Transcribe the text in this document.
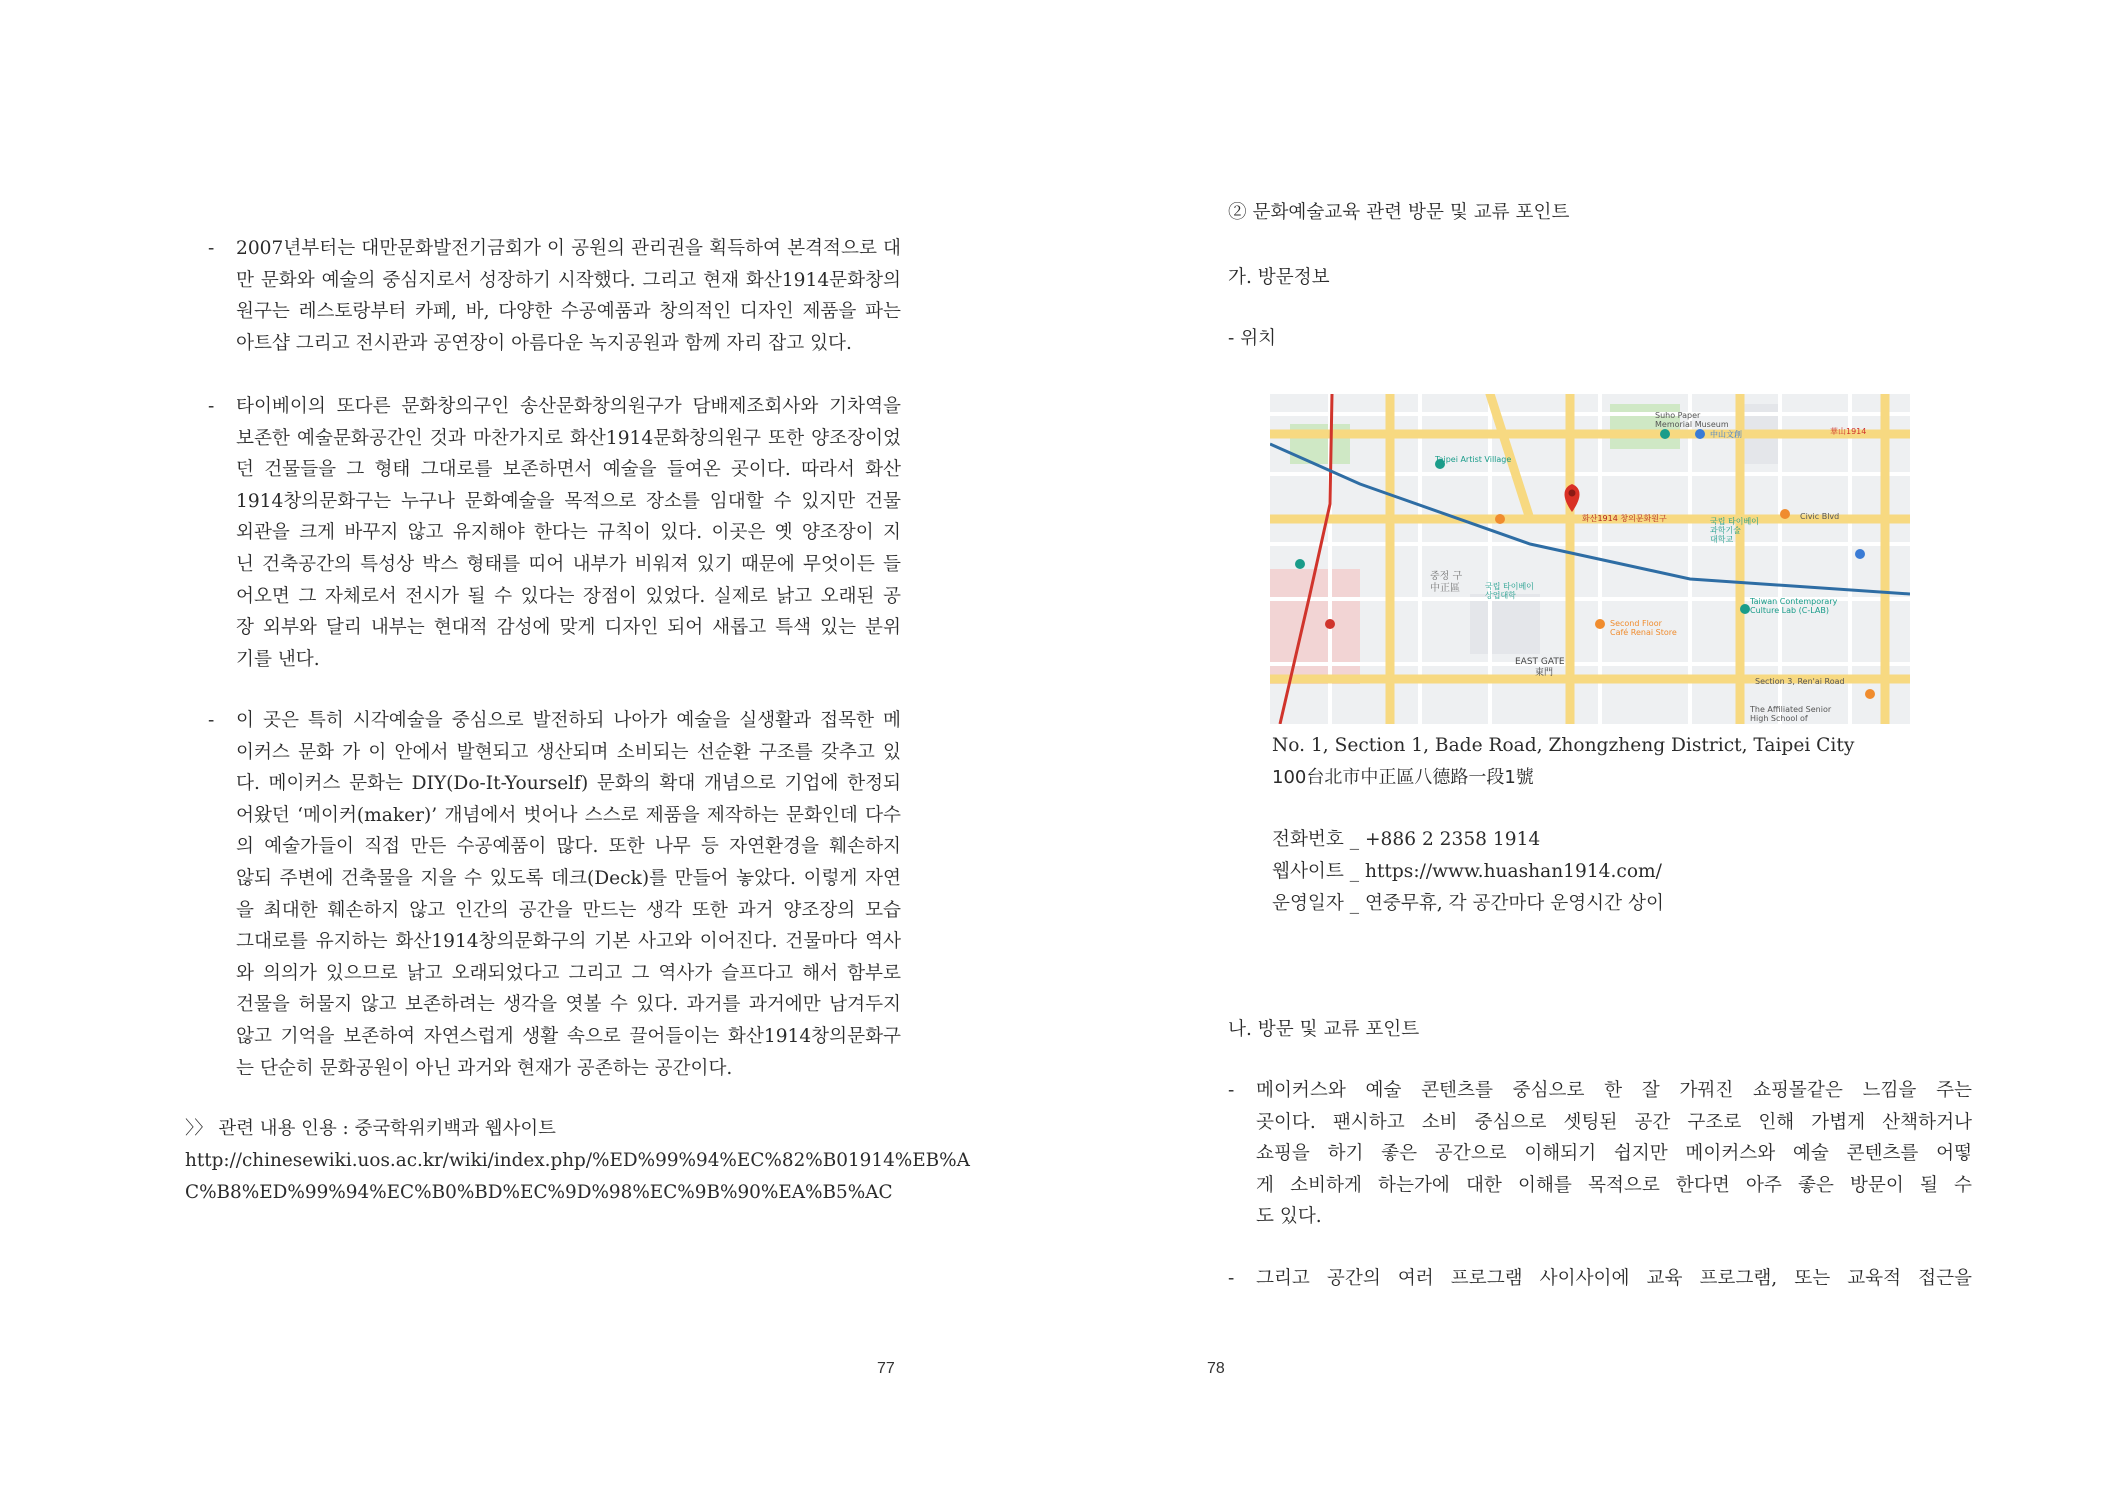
- 2007년부터는 대만문화발전기금회가 이 공원의 관리권을 획득하여 본격적으로 대
만 문화와 예술의 중심지로서 성장하기 시작했다. 그리고 현재 화산1914문화창의
원구는 레스토랑부터 카페, 바, 다양한 수공예품과 창의적인 디자인 제품을 파는
아트샵 그리고 전시관과 공연장이 아름다운 녹지공원과 함께 자리 잡고 있다.
- 타이베이의 또다른 문화창의구인 송산문화창의원구가 담배제조회사와 기차역을
보존한 예술문화공간인 것과 마찬가지로 화산1914문화창의원구 또한 양조장이었
던 건물들을 그 형태 그대로를 보존하면서 예술을 들여온 곳이다. 따라서 화산
1914창의문화구는 누구나 문화예술을 목적으로 장소를 임대할 수 있지만 건물
외관을 크게 바꾸지 않고 유지해야 한다는 규칙이 있다. 이곳은 옛 양조장이 지
닌 건축공간의 특성상 박스 형태를 띠어 내부가 비워져 있기 때문에 무엇이든 들
어오면 그 자체로서 전시가 될 수 있다는 장점이 있었다. 실제로 낡고 오래된 공
장 외부와 달리 내부는 현대적 감성에 맞게 디자인 되어 새롭고 특색 있는 분위
기를 낸다.
- 이 곳은 특히 시각예술을 중심으로 발전하되 나아가 예술을 실생활과 접목한 메
이커스 문화 가 이 안에서 발현되고 생산되며 소비되는 선순환 구조를 갖추고 있
다. 메이커스 문화는 DIY(Do-It-Yourself) 문화의 확대 개념으로 기업에 한정되
어왔던 ‘메이커(maker)’ 개념에서 벗어나 스스로 제품을 제작하는 문화인데 다수
의 예술가들이 직접 만든 수공예품이 많다. 또한 나무 등 자연환경을 훼손하지
않되 주변에 건축물을 지을 수 있도록 데크(Deck)를 만들어 놓았다. 이렇게 자연
을 최대한 훼손하지 않고 인간의 공간을 만드는 생각 또한 과거 양조장의 모습
그대로를 유지하는 화산1914창의문화구의 기본 사고와 이어진다. 건물마다 역사
와 의의가 있으므로 낡고 오래되었다고 그리고 그 역사가 슬프다고 해서 함부로
건물을 허물지 않고 보존하려는 생각을 엿볼 수 있다. 과거를 과거에만 남겨두지
않고 기억을 보존하여 자연스럽게 생활 속으로 끌어들이는 화산1914창의문화구
는 단순히 문화공원이 아닌 과거와 현재가 공존하는 공간이다.
〉〉 관련 내용 인용 : 중국학위키백과 웹사이트
http://chinesewiki.uos.ac.kr/wiki/index.php/%ED%99%94%EC%82%B01914%EB%A
C%B8%ED%99%94%EC%B0%BD%EC%9D%98%EC%9B%90%EA%B5%AC
77
② 문화예술교육 관련 방문 및 교류 포인트
가. 방문정보
- 위치
화산1914 창의문화원구
Taipei Artist Village
Suho Paper
Memorial Museum
Civic Blvd
EAST GATE
東門
Taiwan Contemporary
Culture Lab (C-LAB)
Second Floor
Café Renai Store
Section 3, Ren'ai Road
The Affiliated Senior
High School of
중정 구
中正區
국립 타이베이
과학기술
대학교
국립 타이베이
상업대학
中山文創	華山1914
No. 1, Section 1, Bade Road, Zhongzheng District, Taipei City
100台北市中正區八德路一段1號
전화번호 _ +886 2 2358 1914
웹사이트 _ https://www.huashan1914.com/
운영일자 _ 연중무휴, 각 공간마다 운영시간 상이
나. 방문 및 교류 포인트
- 메이커스와 예술 콘텐츠를 중심으로 한 잘 가꿔진 쇼핑몰같은 느낌을 주는
곳이다. 팬시하고 소비 중심으로 셋팅된 공간 구조로 인해 가볍게 산책하거나
쇼핑을 하기 좋은 공간으로 이해되기 쉽지만 메이커스와 예술 콘텐츠를 어떻
게 소비하게 하는가에 대한 이해를 목적으로 한다면 아주 좋은 방문이 될 수
도 있다.
- 그리고 공간의 여러 프로그램 사이사이에 교육 프로그램, 또는 교육적 접근을
78
